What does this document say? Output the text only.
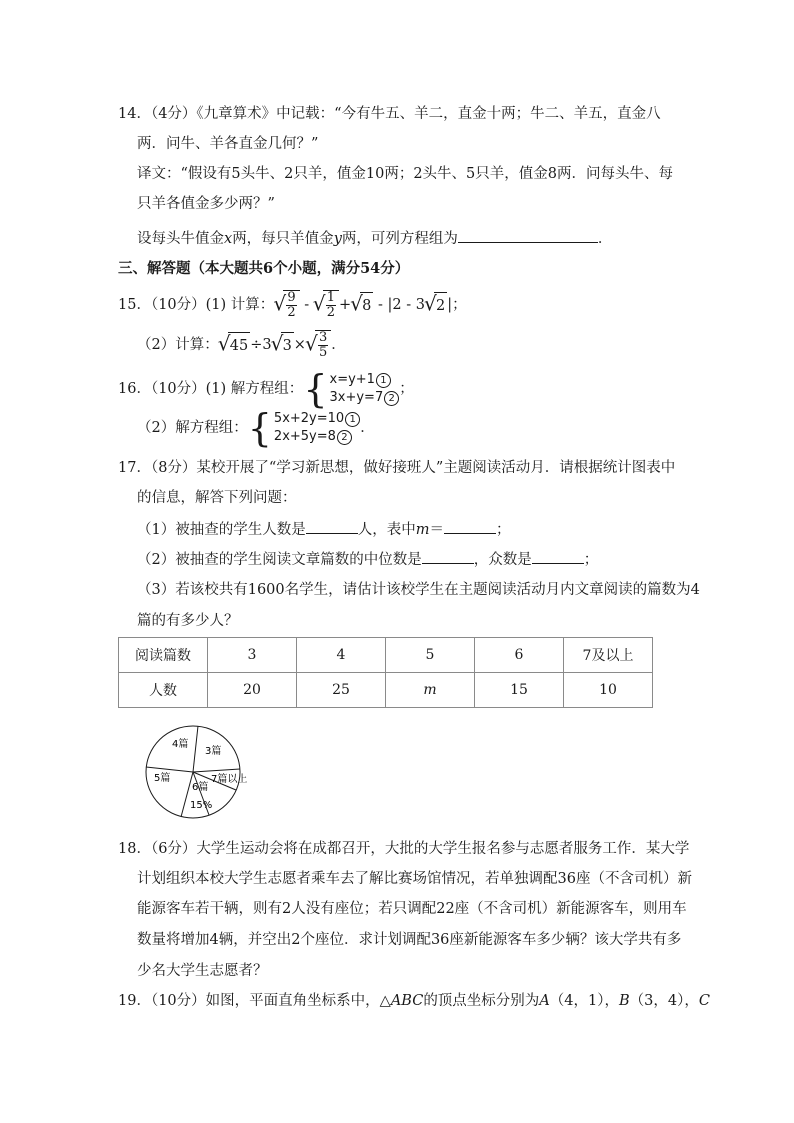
14．（4分）《九章算术》中记载：“今有牛五、羊二，直金十两；牛二、羊五，直金八
两．问牛、羊各直金几何？”
译文：“假设有5头牛、2只羊，值金10两；2头牛、5只羊，值金8两．问每头牛、每
只羊各值金多少两？”
设每头牛值金x两，每只羊值金y两，可列方程组为	．
三、解答题（本大题共6个小题，满分54分）
15．（10分）(1) 计算： √ $\frac{9}{2}$ - √ $\frac{1}{2}$ + √ 8 - |2 - 3 √ 2 |；
（2）计算： √ 45 ÷3 √ 3 × √ $\frac{3}{5}$ ．
16．（10分）(1) 解方程组： { x=y+1 1
3x+y=7 2
；
（2）解方程组： { 5x+2y=10 1
2x+5y=8 2
．
17．（8分）某校开展了“学习新思想，做好接班人”主题阅读活动月．请根据统计图表中
的信息，解答下列问题：
（1）被抽查的学生人数是	人，表中m＝	；
（2）被抽查的学生阅读文章篇数的中位数是	，众数是	；
（3）若该校共有1600名学生，请估计该校学生在主题阅读活动月内文章阅读的篇数为4
篇的有多少人？
阅读篇数	3	4	5	6	7及以上
人数	20	25	m	15	10
4篇
3篇
5篇
6篇
15%
7篇以上
18．（6分）大学生运动会将在成都召开，大批的大学生报名参与志愿者服务工作．某大学
计划组织本校大学生志愿者乘车去了解比赛场馆情况，若单独调配36座（不含司机）新
能源客车若干辆，则有2人没有座位；若只调配22座（不含司机）新能源客车，则用车
数量将增加4辆，并空出2个座位．求计划调配36座新能源客车多少辆？该大学共有多
少名大学生志愿者？
19．（10分）如图，平面直角坐标系中，△ABC的顶点坐标分别为A（4，1），B（3，4），C
